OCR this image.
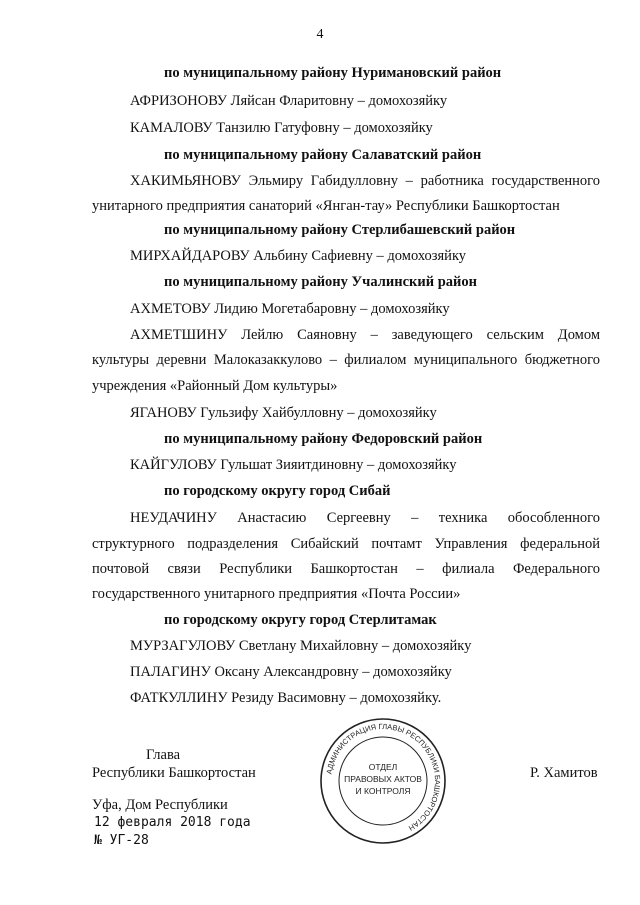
4
по муниципальному району Нуримановский район
АФРИЗОНОВУ Ляйсан Фларитовну – домохозяйку
КАМАЛОВУ Танзилю Гатуфовну – домохозяйку
по муниципальному району Салаватский район
ХАКИМЬЯНОВУ Эльмиру Габидулловну – работника государственного
унитарного предприятия санаторий «Янган-тау» Республики Башкортостан
по муниципальному району Стерлибашевский район
МИРХАЙДАРОВУ Альбину Сафиевну – домохозяйку
по муниципальному району Учалинский район
АХМЕТОВУ Лидию Могетабаровну – домохозяйку
АХМЕТШИНУ Лейлю Саяновну – заведующего сельским Домом
культуры деревни Малоказаккулово – филиалом муниципального бюджетного
учреждения «Районный Дом культуры»
ЯГАНОВУ Гульзифу Хайбулловну – домохозяйку
по муниципальному району Федоровский район
КАЙГУЛОВУ Гульшат Зияитдиновну – домохозяйку
по городскому округу город Сибай
НЕУДАЧИНУ Анастасию Сергеевну – техника обособленного
структурного подразделения Сибайский почтамт Управления федеральной
почтовой связи Республики Башкортостан – филиала Федерального
государственного унитарного предприятия «Почта России»
по городскому округу город Стерлитамак
МУРЗАГУЛОВУ Светлану Михайловну – домохозяйку
ПАЛАГИНУ Оксану Александровну – домохозяйку
ФАТКУЛЛИНУ Резиду Васимовну – домохозяйку.
Глава
Республики Башкортостан	Р. Хамитов
Уфа, Дом Республики
12 февраля 2018 года
№ УГ-28
АДМИНИСТРАЦИЯ ГЛАВЫ РЕСПУБЛИКИ БАШКОРТОСТАН
ОТДЕЛ
ПРАВОВЫХ АКТОВ
И КОНТРОЛЯ
